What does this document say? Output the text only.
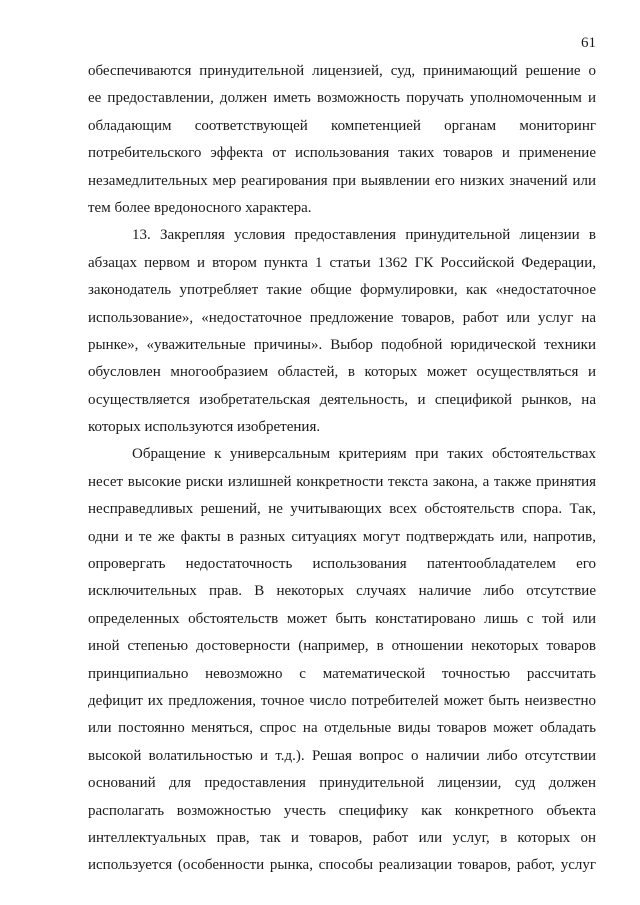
61
обеспечиваются принудительной лицензией, суд, принимающий решение о
ее предоставлении, должен иметь возможность поручать уполномоченным и
обладающим соответствующей компетенцией органам мониторинг
потребительского эффекта от использования таких товаров и применение
незамедлительных мер реагирования при выявлении его низких значений или
тем более вредоносного характера.
13. Закрепляя условия предоставления принудительной лицензии в
абзацах первом и втором пункта 1 статьи 1362 ГК Российской Федерации,
законодатель употребляет такие общие формулировки, как «недостаточное
использование», «недостаточное предложение товаров, работ или услуг на
рынке», «уважительные причины». Выбор подобной юридической техники
обусловлен многообразием областей, в которых может осуществляться и
осуществляется изобретательская деятельность, и спецификой рынков, на
которых используются изобретения.
Обращение к универсальным критериям при таких обстоятельствах
несет высокие риски излишней конкретности текста закона, а также принятия
несправедливых решений, не учитывающих всех обстоятельств спора. Так,
одни и те же факты в разных ситуациях могут подтверждать или, напротив,
опровергать недостаточность использования патентообладателем его
исключительных прав. В некоторых случаях наличие либо отсутствие
определенных обстоятельств может быть констатировано лишь с той или
иной степенью достоверности (например, в отношении некоторых товаров
принципиально невозможно с математической точностью рассчитать
дефицит их предложения, точное число потребителей может быть неизвестно
или постоянно меняться, спрос на отдельные виды товаров может обладать
высокой волатильностью и т.д.). Решая вопрос о наличии либо отсутствии
оснований для предоставления принудительной лицензии, суд должен
располагать возможностью учесть специфику как конкретного объекта
интеллектуальных прав, так и товаров, работ или услуг, в которых он
используется (особенности рынка, способы реализации товаров, работ, услуг
